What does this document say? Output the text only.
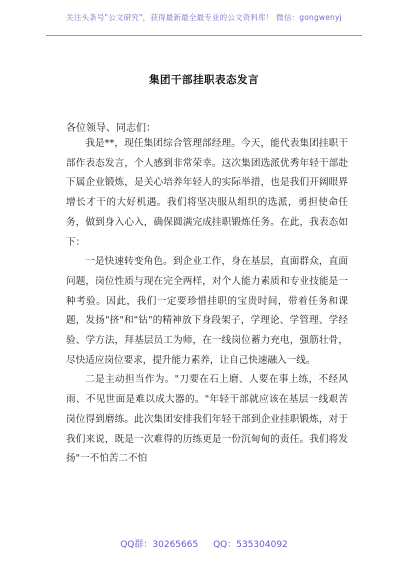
关注头条号"公文研究"，获得最新最全最专业的公文资料库！ 微信：gongwenyj
集团干部挂职表态发言
各位领导、同志们：

我是**，现任集团综合管理部经理。今天，能代表集团挂职干部作表态发言，个人感到非常荣幸。这次集团选派优秀年轻干部赴下属企业锻炼，是关心培养年轻人的实际举措，也是我们开阔眼界增长才干的大好机遇。我们将坚决服从组织的选派，勇担使命任务，做到身入心入，确保圆满完成挂职锻炼任务。在此，我表态如下：

一是快速转变角色。到企业工作，身在基层，直面群众，直面问题，岗位性质与现在完全两样，对个人能力素质和专业技能是一种考验。因此，我们一定要珍惜挂职的宝贵时间，带着任务和课题，发扬"挤"和"钻"的精神放下身段架子，学理论、学管理、学经验、学方法，拜基层员工为师，在一线岗位蓄力充电，强筋壮骨，尽快适应岗位要求，提升能力素养，让自己快速融入一线。

二是主动担当作为。"刀要在石上磨、人要在事上练，不经风雨、不见世面是难以成大器的。"年轻干部就应该在基层一线艰苦岗位得到磨练。此次集团安排我们年轻干部到企业挂职锻炼，对于我们来说，既是一次难得的历练更是一份沉甸甸的责任。我们将发扬"一不怕苦二不怕

QQ群：30265665 QQ：535304092
